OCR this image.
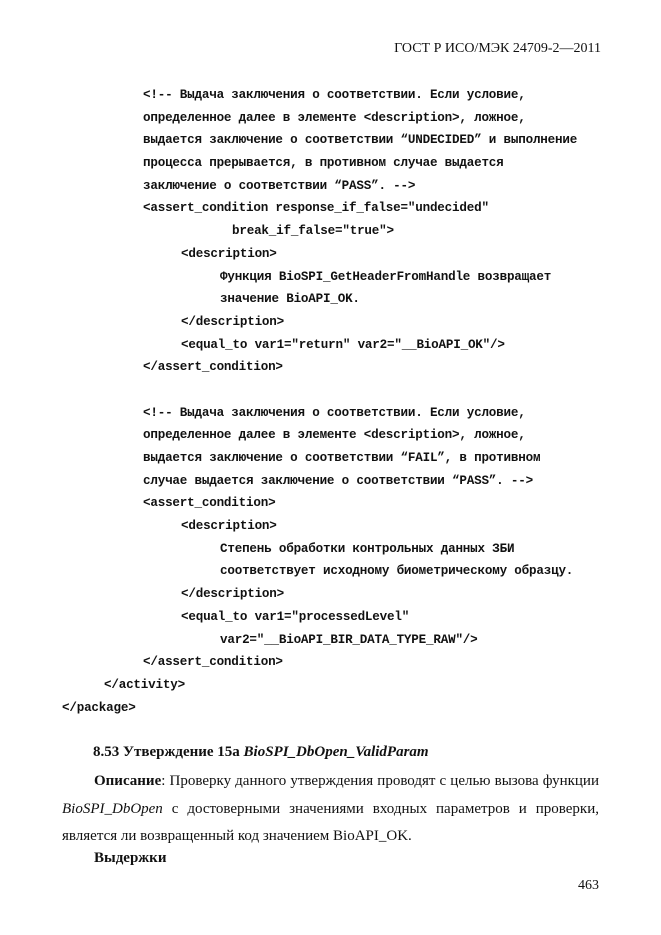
ГОСТ Р ИСО/МЭК 24709-2—2011
<!-- Выдача заключения о соответствии. Если условие,
определенное далее в элементе <description>, ложное,
выдается заключение о соответствии “UNDECIDED” и выполнение
процесса прерывается, в противном случае выдается
заключение о соответствии “PASS”. -->
<assert_condition response_if_false="undecided"
break_if_false="true">
<description>
Функция BioSPI_GetHeaderFromHandle возвращает
значение BioAPI_OK.
</description>
<equal_to var1="return" var2="__BioAPI_OK"/>
</assert_condition>
<!-- Выдача заключения о соответствии. Если условие,
определенное далее в элементе <description>, ложное,
выдается заключение о соответствии “FAIL”, в противном
случае выдается заключение о соответствии “PASS”. -->
<assert_condition>
<description>
Степень обработки контрольных данных ЗБИ
соответствует исходному биометрическому образцу.
</description>
<equal_to var1="processedLevel"
var2="__BioAPI_BIR_DATA_TYPE_RAW"/>
</assert_condition>
</activity>
</package>
8.53 Утверждение 15а BioSPI_DbOpen_ValidParam

Описание: Проверку данного утверждения проводят с целью вызова функции BioSPI_DbOpen с достоверными значениями входных параметров и проверки, является ли возвращенный код значением BioAPI_OK.

Выдержки
463
